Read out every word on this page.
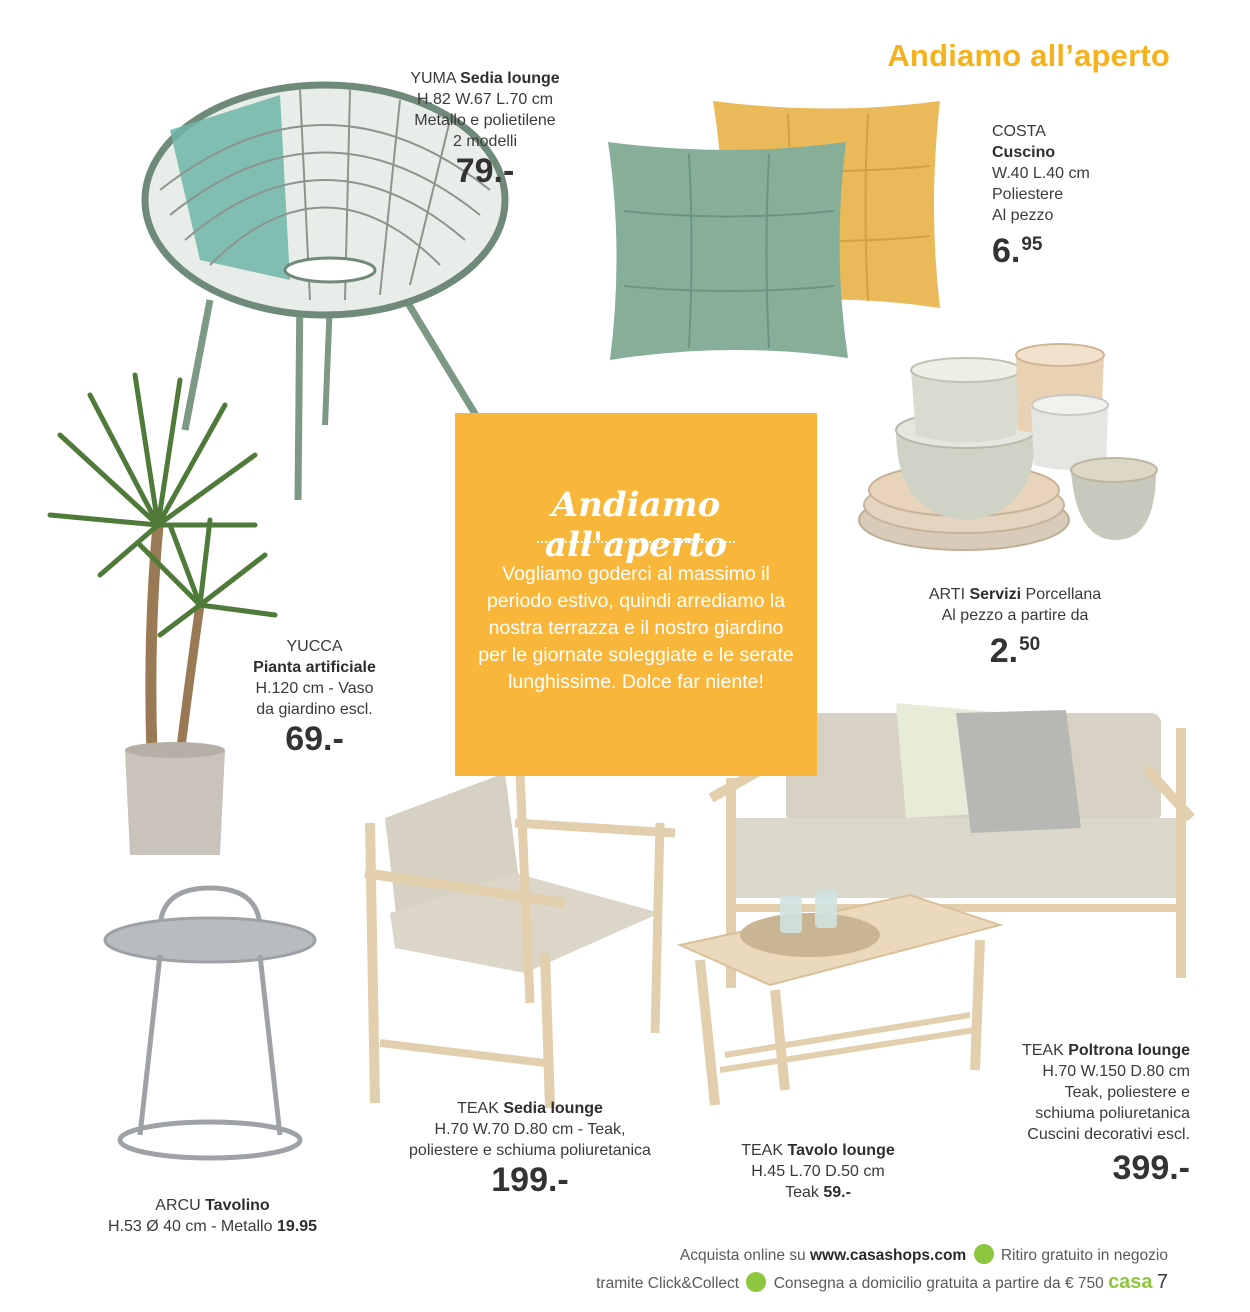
Andiamo all’aperto
Andiamo all'aperto
Vogliamo goderci al massimo il periodo estivo, quindi arrediamo la nostra terrazza e il nostro giardino per le giornate soleggiate e le serate lunghissime. Dolce far niente!
YUMA Sedia lounge
H.82 W.67 L.70 cm
Metallo e polietilene
2 modelli
79.-
COSTA
Cuscino
W.40 L.40 cm
Poliestere
Al pezzo
6.95
ARTI Servizi Porcellana
Al pezzo a partire da
2.50
YUCCA
Pianta artificiale
H.120 cm - Vaso
da giardino escl.
69.-
TEAK Sedia lounge
H.70 W.70 D.80 cm - Teak,
poliestere e schiuma poliuretanica
199.-
TEAK Tavolo lounge
H.45 L.70 D.50 cm
Teak 59.-
TEAK Poltrona lounge
H.70 W.150 D.80 cm
Teak, poliestere e
schiuma poliuretanica
Cuscini decorativi escl.
399.-
ARCU Tavolino
H.53 Ø 40 cm - Metallo 19.95
Acquista online su www.casashops.com Ritiro gratuito in negozio
tramite Click&Collect Consegna a domicilio gratuita a partire da € 750 casa 7
